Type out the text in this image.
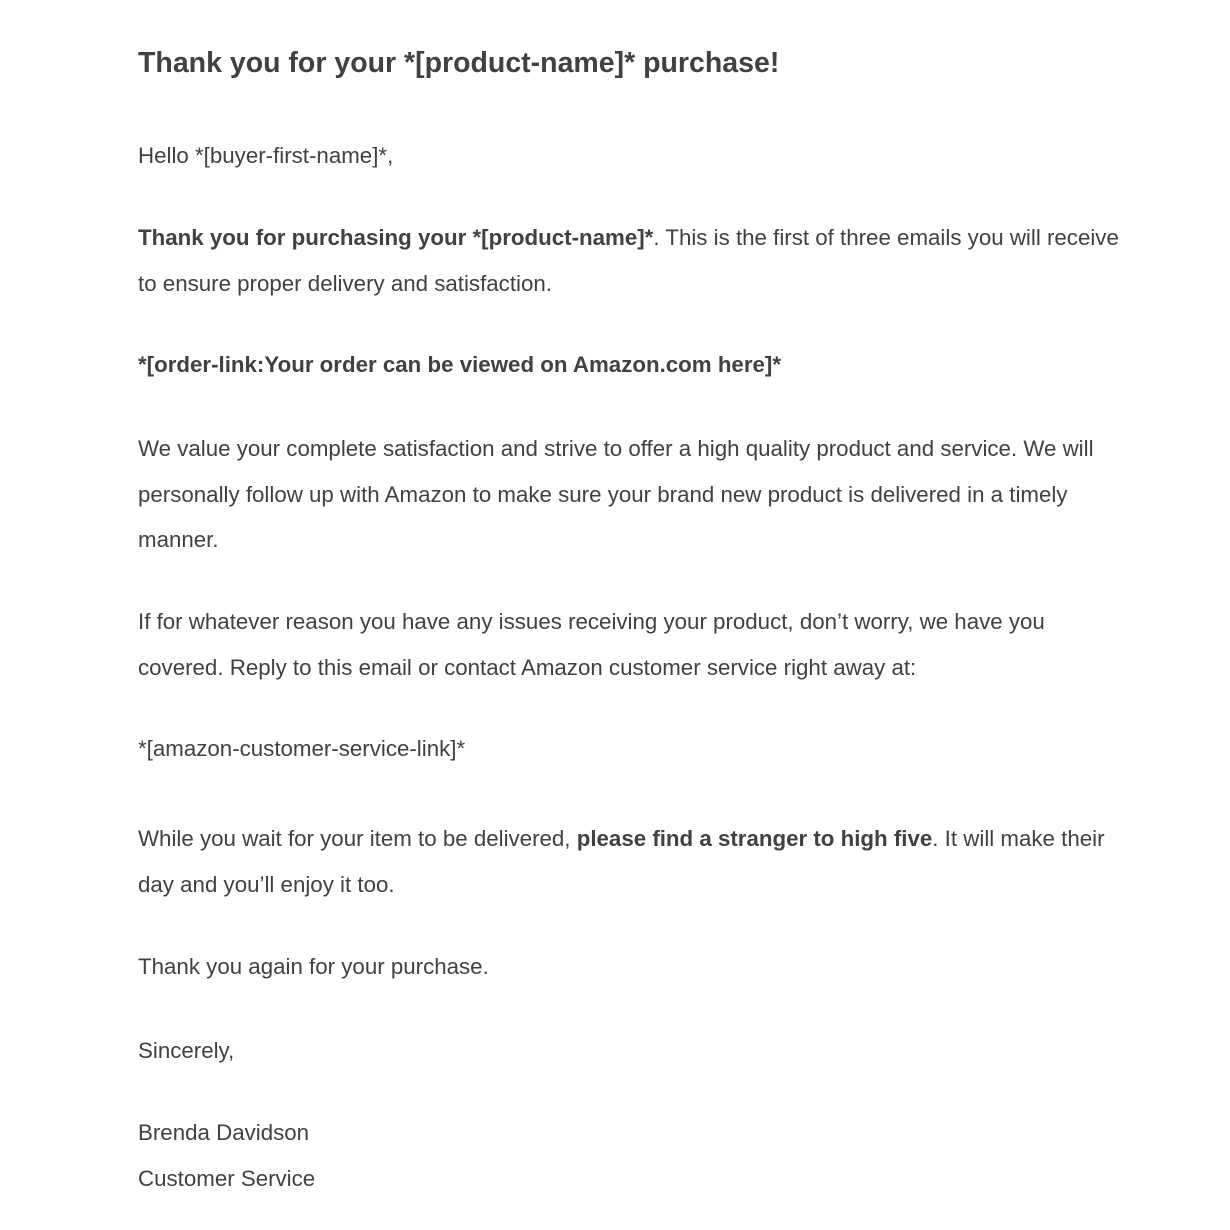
Thank you for your *[product-name]* purchase!

Hello *[buyer-first-name]*,

Thank you for purchasing your *[product-name]*. This is the first of three emails you will receive to ensure proper delivery and satisfaction.

*[order-link:Your order can be viewed on Amazon.com here]*

We value your complete satisfaction and strive to offer a high quality product and service. We will personally follow up with Amazon to make sure your brand new product is delivered in a timely manner.

If for whatever reason you have any issues receiving your product, don’t worry, we have you covered. Reply to this email or contact Amazon customer service right away at:

*[amazon-customer-service-link]*

While you wait for your item to be delivered, please find a stranger to high five. It will make their day and you’ll enjoy it too.

Thank you again for your purchase.

Sincerely,

Brenda Davidson

Customer Service
